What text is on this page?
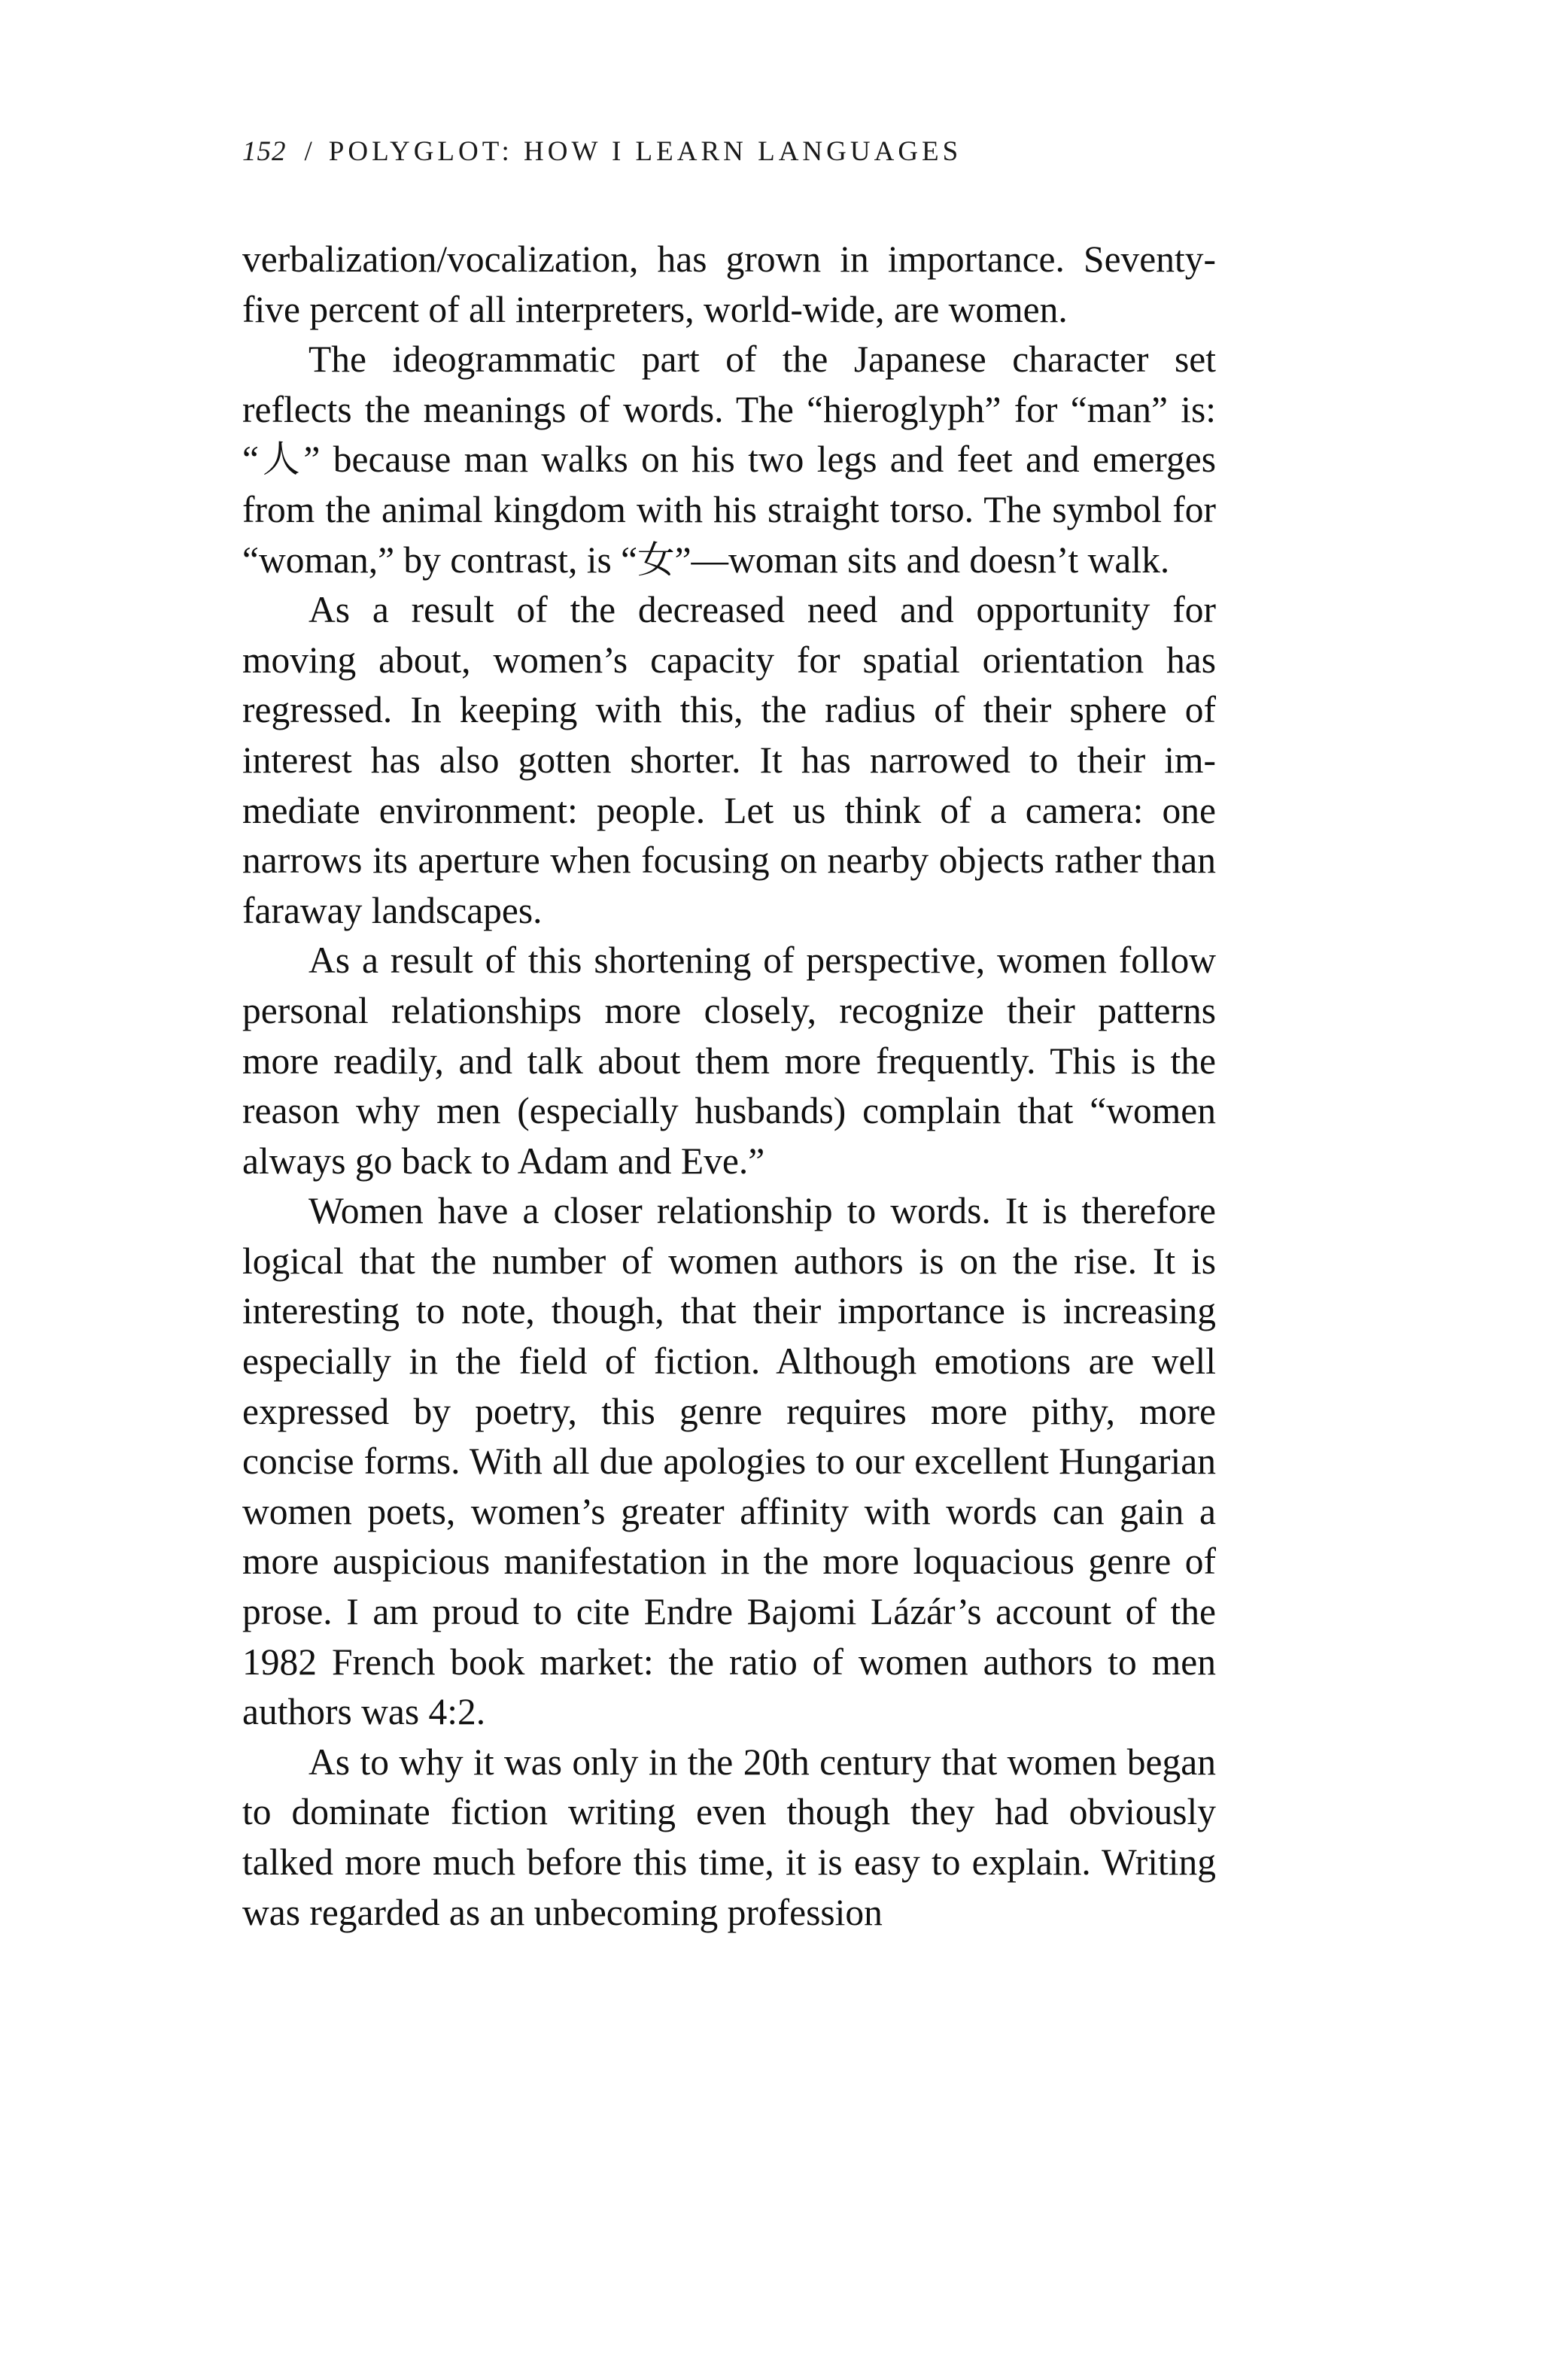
152 / POLYGLOT: HOW I LEARN LANGUAGES

verbalization/vocalization, has grown in importance. Seventy-five percent of all interpreters, world-wide, are women.

The ideogrammatic part of the Japanese character set reflects the meanings of words. The “hieroglyph” for “man” is: “人” because man walks on his two legs and feet and emerges from the animal kingdom with his straight torso. The symbol for “woman,” by contrast, is “女”—woman sits and doesn’t walk.

As a result of the decreased need and opportunity for moving about, women’s capacity for spatial orientation has regressed. In keeping with this, the radius of their sphere of interest has also gotten shorter. It has narrowed to their immediate environment: people. Let us think of a camera: one narrows its aperture when focusing on nearby objects rather than faraway landscapes.

As a result of this shortening of perspective, women follow personal relationships more closely, recognize their patterns more readily, and talk about them more frequently. This is the reason why men (especially husbands) complain that “women always go back to Adam and Eve.”

Women have a closer relationship to words. It is therefore logical that the number of women authors is on the rise. It is interesting to note, though, that their importance is increasing especially in the field of fiction. Although emotions are well expressed by poetry, this genre requires more pithy, more concise forms. With all due apologies to our excellent Hungarian women poets, women’s greater affinity with words can gain a more auspicious manifestation in the more loquacious genre of prose. I am proud to cite Endre Bajomi Lázár’s account of the 1982 French book market: the ratio of women authors to men authors was 4:2.

As to why it was only in the 20th century that women began to dominate fiction writing even though they had obviously talked more much before this time, it is easy to explain. Writing was regarded as an unbecoming profession
